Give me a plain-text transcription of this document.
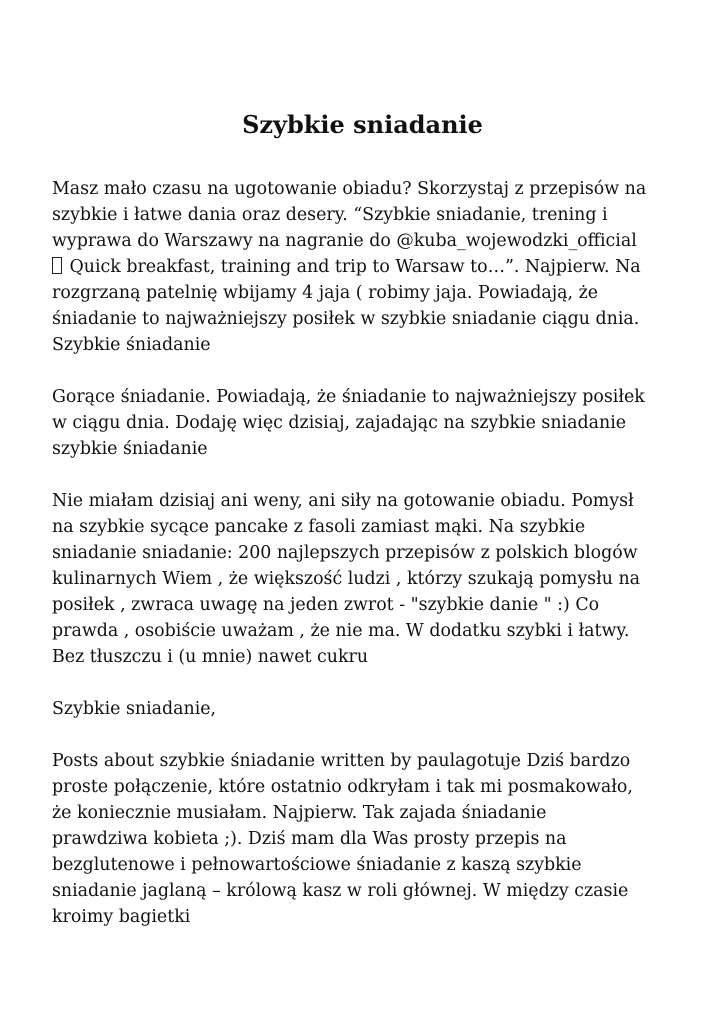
Szybkie sniadanie

Masz mało czasu na ugotowanie obiadu? Skorzystaj z przepisów na
szybkie i łatwe dania oraz desery. “Szybkie sniadanie, trening i
wyprawa do Warszawy na nagranie do @kuba_wojewodzki_official
Quick breakfast, training and trip to Warsaw to…”. Najpierw. Na
rozgrzaną patelnię wbijamy 4 jaja ( robimy jaja. Powiadają, że
śniadanie to najważniejszy posiłek w szybkie sniadanie ciągu dnia.
Szybkie śniadanie

Gorące śniadanie. Powiadają, że śniadanie to najważniejszy posiłek
w ciągu dnia. Dodaję więc dzisiaj, zajadając na szybkie sniadanie
szybkie śniadanie

Nie miałam dzisiaj ani weny, ani siły na gotowanie obiadu. Pomysł
na szybkie sycące pancake z fasoli zamiast mąki. Na szybkie
sniadanie sniadanie: 200 najlepszych przepisów z polskich blogów
kulinarnych Wiem , że większość ludzi , którzy szukają pomysłu na
posiłek , zwraca uwagę na jeden zwrot - "szybkie danie " :) Co
prawda , osobiście uważam , że nie ma. W dodatku szybki i łatwy.
Bez tłuszczu i (u mnie) nawet cukru

Szybkie sniadanie,

Posts about szybkie śniadanie written by paulagotuje Dziś bardzo
proste połączenie, które ostatnio odkryłam i tak mi posmakowało,
że koniecznie musiałam. Najpierw. Tak zajada śniadanie
prawdziwa kobieta ;). Dziś mam dla Was prosty przepis na
bezglutenowe i pełnowartościowe śniadanie z kaszą szybkie
sniadanie jaglaną – królową kasz w roli głównej. W między czasie
kroimy bagietki
